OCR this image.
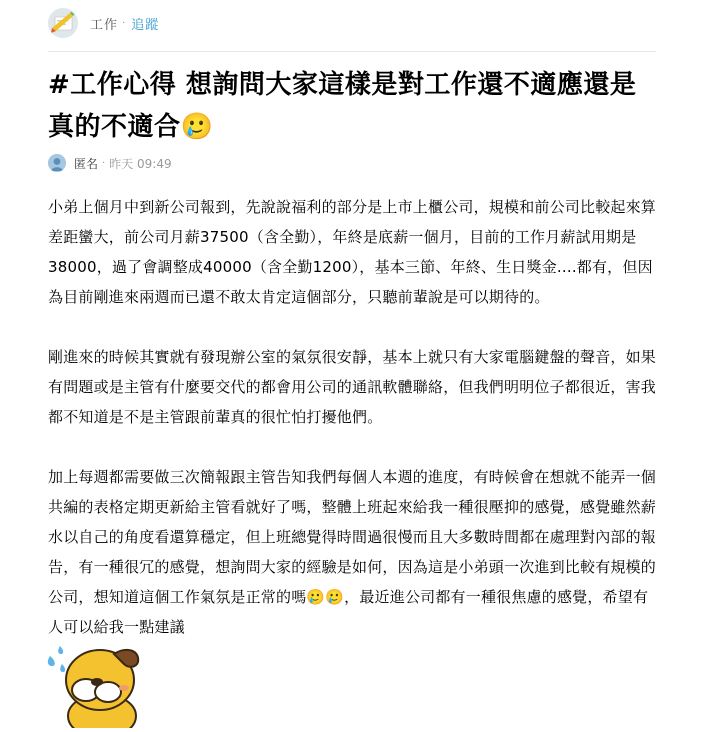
工作 · 追蹤
#工作心得 想詢問大家這樣是對工作還不適應還是真的不適合🥲
匿名 · 昨天 09:49

小弟上個月中到新公司報到，先說說福利的部分是上市上櫃公司，規模和前公司比較起來算差距蠻大，前公司月薪37500（含全勤），年終是底薪一個月，目前的工作月薪試用期是38000，過了會調整成40000（含全勤1200），基本三節、年終、生日獎金....都有，但因為目前剛進來兩週而已還不敢太肯定這個部分，只聽前輩說是可以期待的。

剛進來的時候其實就有發現辦公室的氣氛很安靜，基本上就只有大家電腦鍵盤的聲音，如果有問題或是主管有什麼要交代的都會用公司的通訊軟體聯絡，但我們明明位子都很近，害我都不知道是不是主管跟前輩真的很忙怕打擾他們。

加上每週都需要做三次簡報跟主管告知我們每個人本週的進度，有時候會在想就不能弄一個共編的表格定期更新給主管看就好了嗎，整體上班起來給我一種很壓抑的感覺，感覺雖然薪水以自己的角度看還算穩定，但上班總覺得時間過很慢而且大多數時間都在處理對內部的報告，有一種很冗的感覺，想詢問大家的經驗是如何，因為這是小弟頭一次進到比較有規模的公司，想知道這個工作氣氛是正常的嗎🥲🥲，最近進公司都有一種很焦慮的感覺，希望有人可以給我一點建議
